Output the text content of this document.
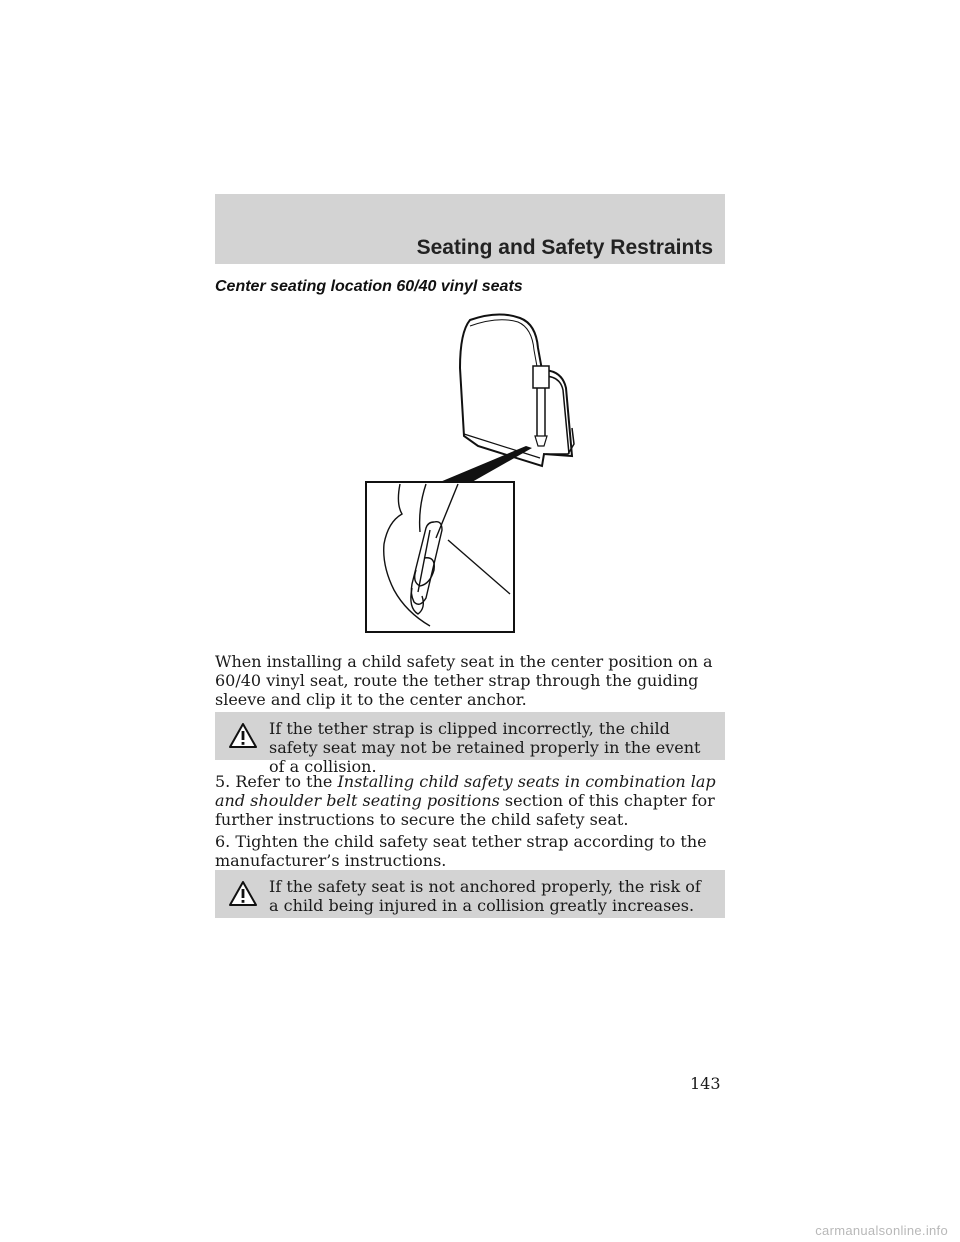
Seating and Safety Restraints
Center seating location 60/40 vinyl seats

When installing a child safety seat in the center position on a 60/40 vinyl seat, route the tether strap through the guiding sleeve and clip it to the center anchor.

If the tether strap is clipped incorrectly, the child safety seat may not be retained properly in the event of a collision.

5. Refer to the Installing child safety seats in combination lap and shoulder belt seating positions section of this chapter for further instructions to secure the child safety seat.

6. Tighten the child safety seat tether strap according to the manufacturer’s instructions.

If the safety seat is not anchored properly, the risk of a child being injured in a collision greatly increases.
143
carmanualsonline.info
